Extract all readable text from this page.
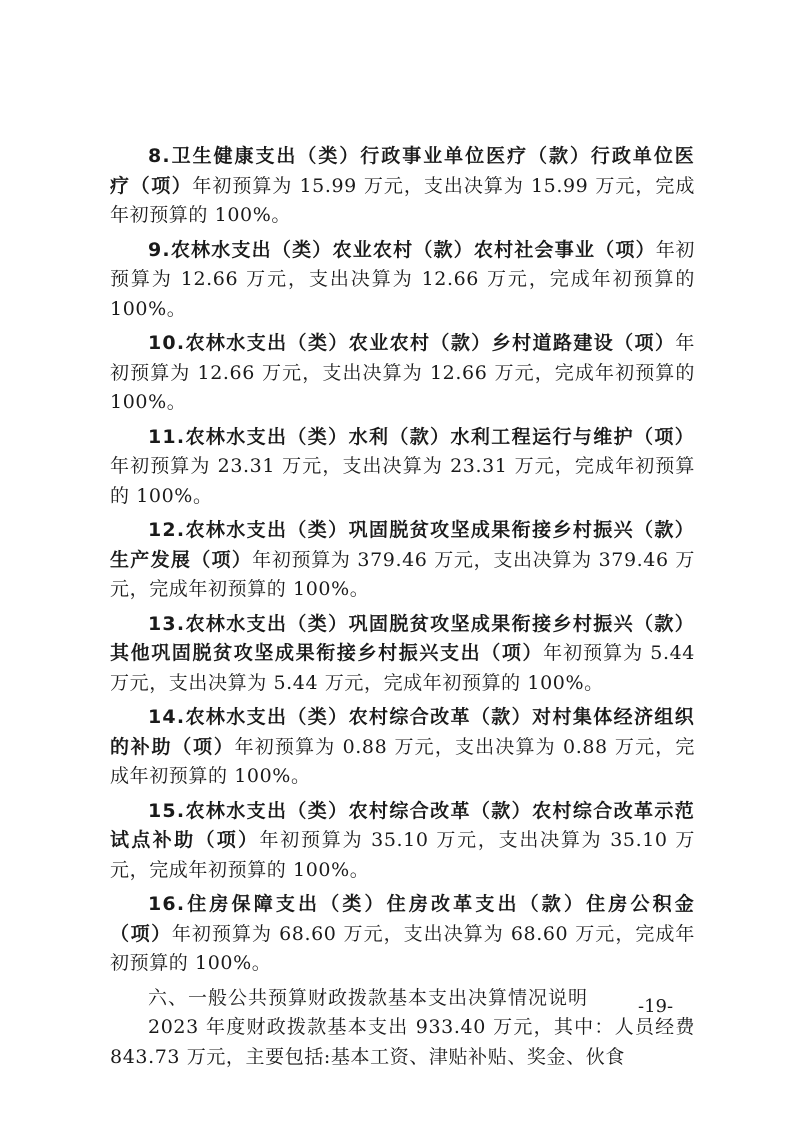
8.卫生健康支出（类）行政事业单位医疗（款）行政单位医疗（项）年初预算为 15.99 万元，支出决算为 15.99 万元，完成年初预算的 100%。

9.农林水支出（类）农业农村（款）农村社会事业（项）年初预算为 12.66 万元，支出决算为 12.66 万元，完成年初预算的 100%。

10.农林水支出（类）农业农村（款）乡村道路建设（项）年初预算为 12.66 万元，支出决算为 12.66 万元，完成年初预算的 100%。

11.农林水支出（类）水利（款）水利工程运行与维护（项）年初预算为 23.31 万元，支出决算为 23.31 万元，完成年初预算的 100%。

12.农林水支出（类）巩固脱贫攻坚成果衔接乡村振兴（款）生产发展（项）年初预算为 379.46 万元，支出决算为 379.46 万元，完成年初预算的 100%。

13.农林水支出（类）巩固脱贫攻坚成果衔接乡村振兴（款）其他巩固脱贫攻坚成果衔接乡村振兴支出（项）年初预算为 5.44 万元，支出决算为 5.44 万元，完成年初预算的 100%。

14.农林水支出（类）农村综合改革（款）对村集体经济组织的补助（项）年初预算为 0.88 万元，支出决算为 0.88 万元，完成年初预算的 100%。

15.农林水支出（类）农村综合改革（款）农村综合改革示范试点补助（项）年初预算为 35.10 万元，支出决算为 35.10 万元，完成年初预算的 100%。

16.住房保障支出（类）住房改革支出（款）住房公积金（项）年初预算为 68.60 万元，支出决算为 68.60 万元，完成年初预算的 100%。

六、一般公共预算财政拨款基本支出决算情况说明

2023 年度财政拨款基本支出 933.40 万元，其中：人员经费 843.73 万元，主要包括:基本工资、津贴补贴、奖金、伙食

-19-
